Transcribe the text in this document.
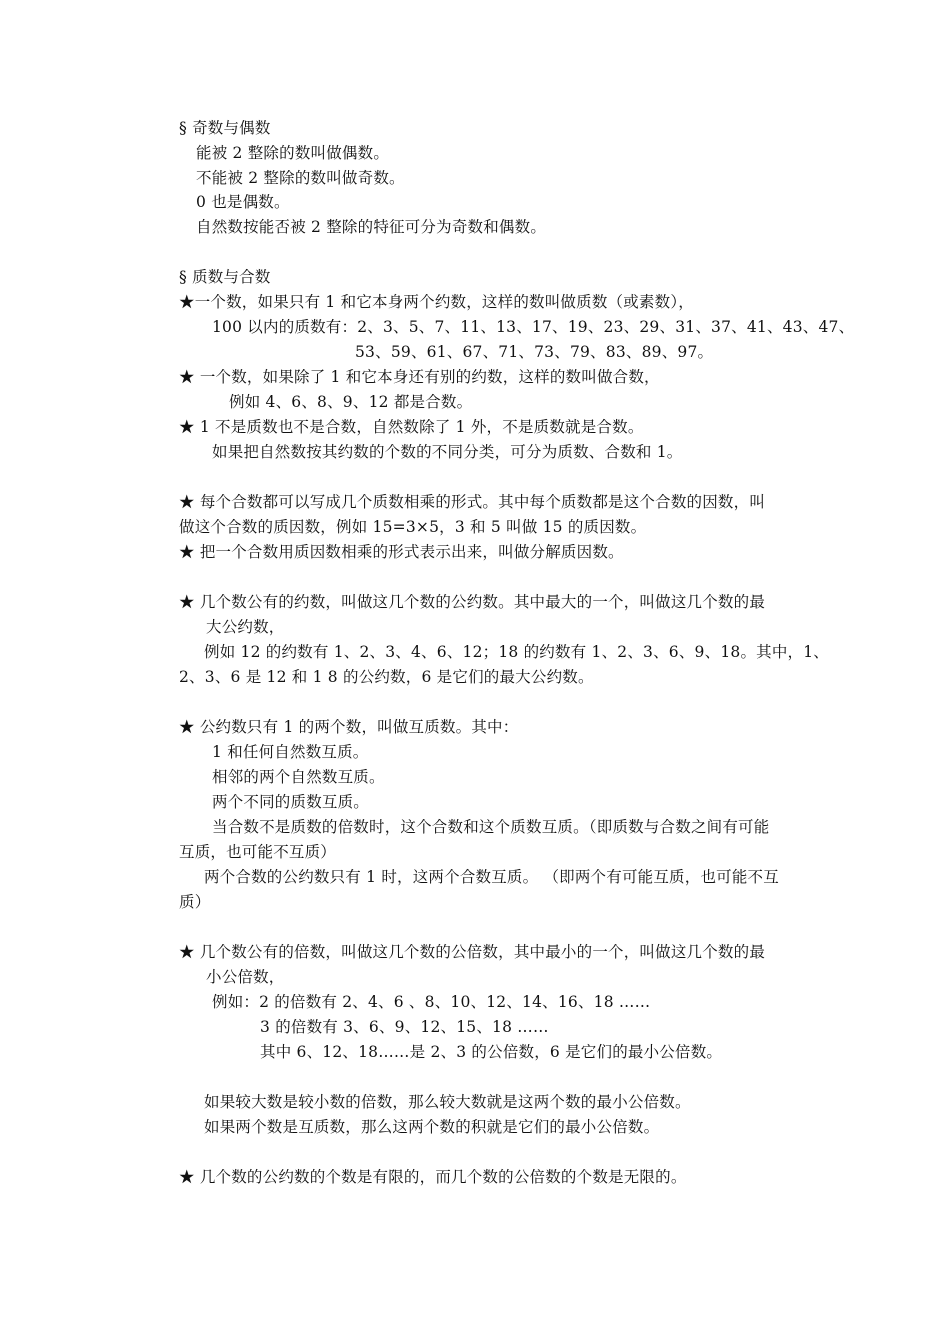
§ 奇数与偶数
能被 2 整除的数叫做偶数。
不能被 2 整除的数叫做奇数。
0 也是偶数。
自然数按能否被 2 整除的特征可分为奇数和偶数。
§ 质数与合数
★一个数，如果只有 1 和它本身两个约数，这样的数叫做质数（或素数），
100 以内的质数有：2、3、5、7、11、13、17、19、23、29、31、37、41、43、47、
53、59、61、67、71、73、79、83、89、97。
★ 一个数，如果除了 1 和它本身还有别的约数，这样的数叫做合数，
例如 4、6、8、9、12 都是合数。
★ 1 不是质数也不是合数，自然数除了 1 外，不是质数就是合数。
如果把自然数按其约数的个数的不同分类，可分为质数、合数和 1。
★ 每个合数都可以写成几个质数相乘的形式。其中每个质数都是这个合数的因数，叫
做这个合数的质因数，例如 15=3×5，3 和 5 叫做 15 的质因数。
★ 把一个合数用质因数相乘的形式表示出来，叫做分解质因数。
★ 几个数公有的约数，叫做这几个数的公约数。其中最大的一个，叫做这几个数的最
大公约数，
例如 12 的约数有 1、2、3、4、6、12；18 的约数有 1、2、3、6、9、18。其中，1、
2、3、6 是 12 和 1 8 的公约数，6 是它们的最大公约数。
★ 公约数只有 1 的两个数，叫做互质数。其中：
1 和任何自然数互质。
相邻的两个自然数互质。
两个不同的质数互质。
当合数不是质数的倍数时，这个合数和这个质数互质。（即质数与合数之间有可能
互质，也可能不互质）
两个合数的公约数只有 1 时，这两个合数互质。 （即两个有可能互质，也可能不互
质）
★ 几个数公有的倍数，叫做这几个数的公倍数，其中最小的一个，叫做这几个数的最
小公倍数，
例如：2 的倍数有 2、4、6 、8、10、12、14、16、18 ……
3 的倍数有 3、6、9、12、15、18 ……
其中 6、12、18……是 2、3 的公倍数，6 是它们的最小公倍数。
如果较大数是较小数的倍数，那么较大数就是这两个数的最小公倍数。
如果两个数是互质数，那么这两个数的积就是它们的最小公倍数。
★ 几个数的公约数的个数是有限的，而几个数的公倍数的个数是无限的。
